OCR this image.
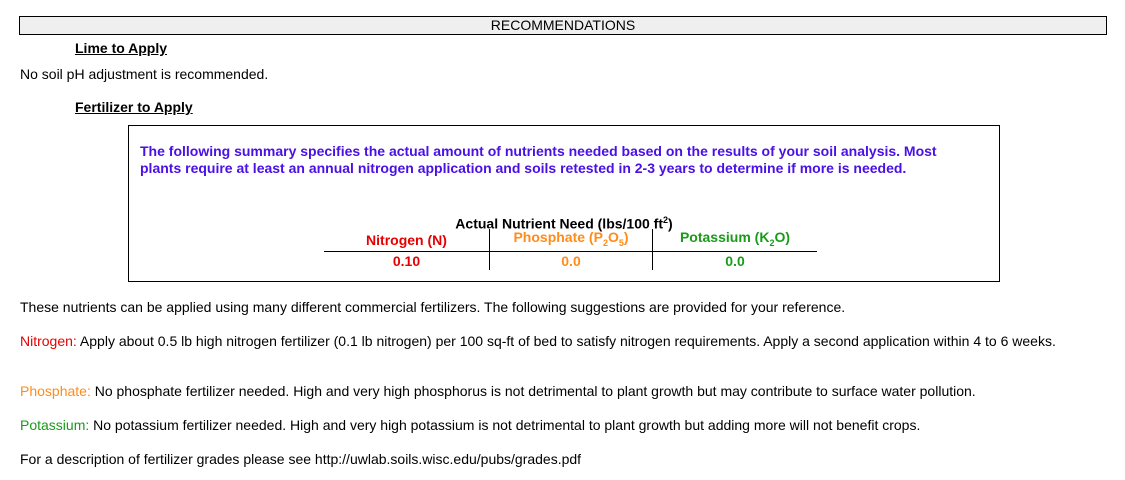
RECOMMENDATIONS
Lime to Apply
No soil pH adjustment is recommended.
Fertilizer to Apply
The following summary specifies the actual amount of nutrients needed based on the results of your soil analysis. Most plants require at least an annual nitrogen application and soils retested in 2-3 years to determine if more is needed.
Actual Nutrient Need (lbs/100 $ft^2$)
Nitrogen (N)	Phosphate $(P_2O_5)$	Potassium $(K_2O)$
0.10	0.0	0.0
These nutrients can be applied using many different commercial fertilizers. The following suggestions are provided for your reference.
Nitrogen: Apply about 0.5 lb high nitrogen fertilizer (0.1 lb nitrogen) per 100 sq-ft of bed to satisfy nitrogen requirements. Apply a second application within 4 to 6 weeks.
Phosphate: No phosphate fertilizer needed. High and very high phosphorus is not detrimental to plant growth but may contribute to surface water pollution.
Potassium: No potassium fertilizer needed. High and very high potassium is not detrimental to plant growth but adding more will not benefit crops.
For a description of fertilizer grades please see http://uwlab.soils.wisc.edu/pubs/grades.pdf
